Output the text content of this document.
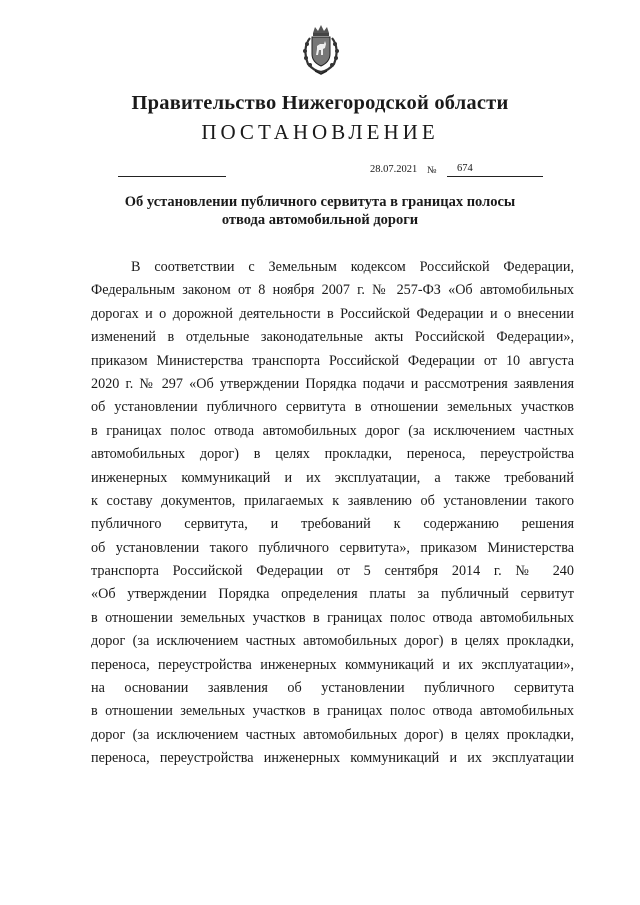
Правительство Нижегородской области
ПОСТАНОВЛЕНИЕ
28.07.2021 № 674
Об установлении публичного сервитута в границах полосы
отвода автомобильной дороги
В соответствии с Земельным кодексом Российской Федерации,
Федеральным законом от 8 ноября 2007 г. № 257-ФЗ «Об автомобильных
дорогах и о дорожной деятельности в Российской Федерации и о внесении
изменений в отдельные законодательные акты Российской Федерации»,
приказом Министерства транспорта Российской Федерации от 10 августа
2020 г. № 297 «Об утверждении Порядка подачи и рассмотрения заявления
об установлении публичного сервитута в отношении земельных участков
в границах полос отвода автомобильных дорог (за исключением частных
автомобильных дорог) в целях прокладки, переноса, переустройства
инженерных коммуникаций и их эксплуатации, а также требований
к составу документов, прилагаемых к заявлению об установлении такого
публичного сервитута, и требований к содержанию решения
об установлении такого публичного сервитута», приказом Министерства
транспорта Российской Федерации от 5 сентября 2014 г. № 240
«Об утверждении Порядка определения платы за публичный сервитут
в отношении земельных участков в границах полос отвода автомобильных
дорог (за исключением частных автомобильных дорог) в целях прокладки,
переноса, переустройства инженерных коммуникаций и их эксплуатации»,
на основании заявления об установлении публичного сервитута
в отношении земельных участков в границах полос отвода автомобильных
дорог (за исключением частных автомобильных дорог) в целях прокладки,
переноса, переустройства инженерных коммуникаций и их эксплуатации
